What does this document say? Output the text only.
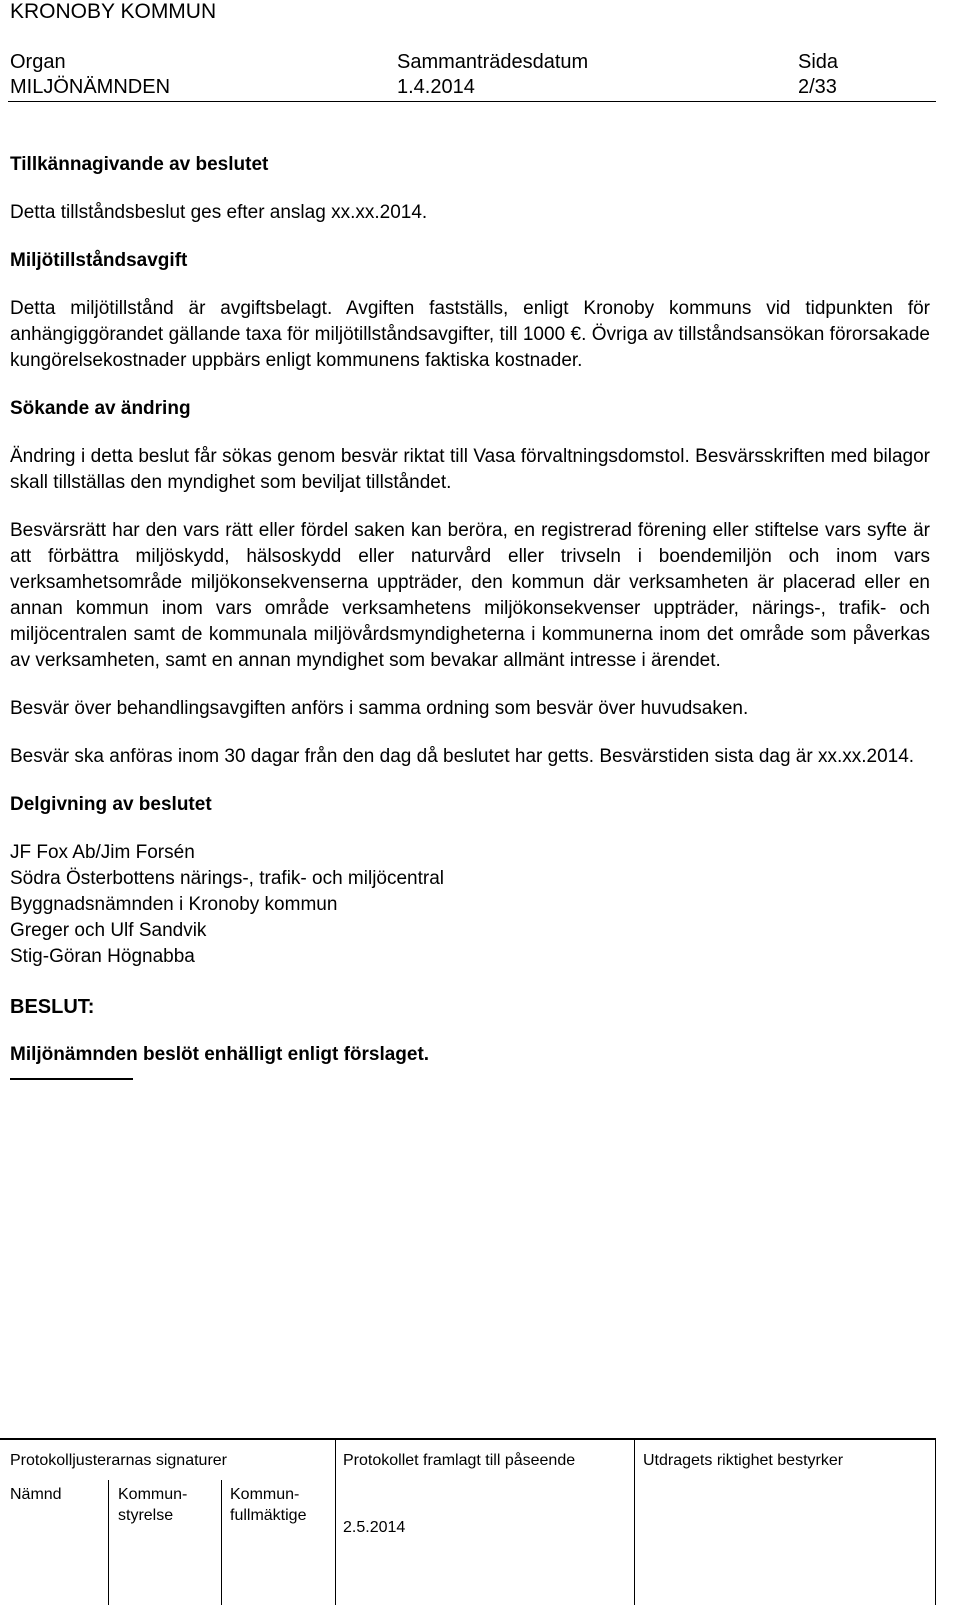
KRONOBY KOMMUN
Organ
MILJÖNÄMNDEN
Sammanträdesdatum
1.4.2014
Sida
2/33
Tillkännagivande av beslutet
Detta tillståndsbeslut ges efter anslag xx.xx.2014.
Miljötillståndsavgift
Detta miljötillstånd är avgiftsbelagt. Avgiften fastställs, enligt Kronoby kommuns vid tidpunkten för anhängiggörandet gällande taxa för miljötillståndsavgifter, till 1000 €. Övriga av tillståndsansökan förorsakade kungörelsekostnader uppbärs enligt kommunens faktiska kostnader.
Sökande av ändring
Ändring i detta beslut får sökas genom besvär riktat till Vasa förvaltningsdomstol. Besvärsskriften med bilagor skall tillställas den myndighet som beviljat tillståndet.
Besvärsrätt har den vars rätt eller fördel saken kan beröra, en registrerad förening eller stiftelse vars syfte är att förbättra miljöskydd, hälsoskydd eller naturvård eller trivseln i boendemiljön och inom vars verksamhetsområde miljökonsekvenserna uppträder, den kommun där verksamheten är placerad eller en annan kommun inom vars område verksamhetens miljökonsekvenser uppträder, närings-, trafik- och miljöcentralen samt de kommunala miljövårdsmyndigheterna i kommunerna inom det område som påverkas av verksamheten, samt en annan myndighet som bevakar allmänt intresse i ärendet.
Besvär över behandlingsavgiften anförs i samma ordning som besvär över huvudsaken.
Besvär ska anföras inom 30 dagar från den dag då beslutet har getts. Besvärstiden sista dag är xx.xx.2014.
Delgivning av beslutet
JF Fox Ab/Jim Forsén
Södra Österbottens närings-, trafik- och miljöcentral
Byggnadsnämnden i Kronoby kommun
Greger och Ulf Sandvik
Stig-Göran Högnabba
BESLUT:
Miljönämnden beslöt enhälligt enligt förslaget.
Protokolljusterarnas signaturer
Nämnd	Kommun-
styrelse
Kommun-
fullmäktige
Protokollet framlagt till påseende
2.5.2014
Utdragets riktighet bestyrker
